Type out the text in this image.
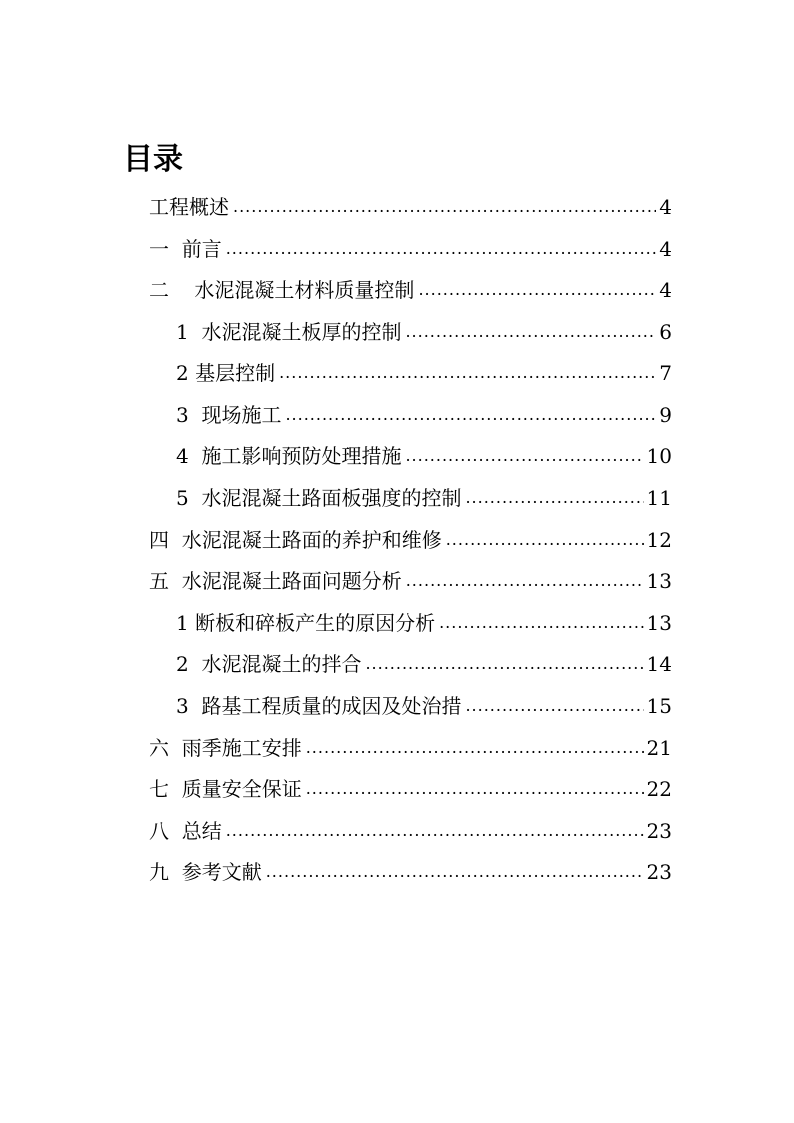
目录
工程概述 .....	4
一  前言 .....	4
二    水泥混凝土材料质量控制 .....	4
1  水泥混凝土板厚的控制 .....	6
2 基层控制 .....	7
3  现场施工 .....	9
4  施工影响预防处理措施 .....	10
5  水泥混凝土路面板强度的控制 .....	11
四  水泥混凝土路面的养护和维修 .....	12
五  水泥混凝土路面问题分析 .....	13
1 断板和碎板产生的原因分析 .....	13
2  水泥混凝土的拌合 .....	14
3  路基工程质量的成因及处治措 .....	15
六  雨季施工安排 .....	21
七  质量安全保证 .....	22
八  总结 .....	23
九  参考文献 .....	23
